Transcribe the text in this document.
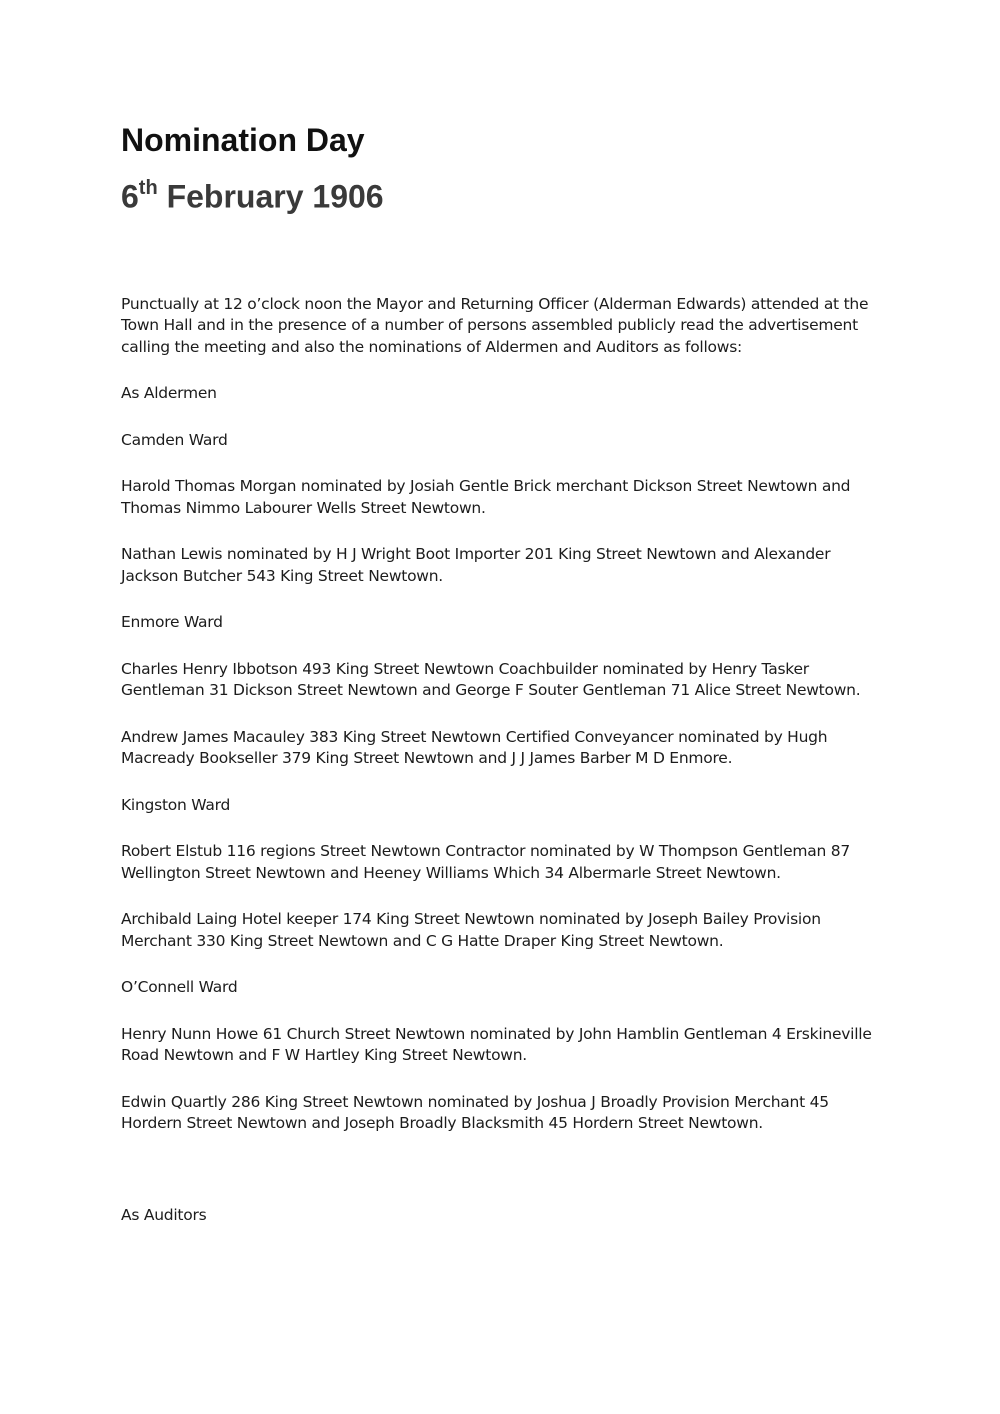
Nomination Day
6th February 1906

Punctually at 12 o’clock noon the Mayor and Returning Officer (Alderman Edwards) attended at the Town Hall and in the presence of a number of persons assembled publicly read the advertisement calling the meeting and also the nominations of Aldermen and Auditors as follows:

As Aldermen

Camden Ward

Harold Thomas Morgan nominated by Josiah Gentle Brick merchant Dickson Street Newtown and Thomas Nimmo Labourer Wells Street Newtown.

Nathan Lewis nominated by H J Wright Boot Importer 201 King Street Newtown and Alexander Jackson Butcher 543 King Street Newtown.

Enmore Ward

Charles Henry Ibbotson 493 King Street Newtown Coachbuilder nominated by Henry Tasker Gentleman 31 Dickson Street Newtown and George F Souter Gentleman 71 Alice Street Newtown.

Andrew James Macauley 383 King Street Newtown Certified Conveyancer nominated by Hugh Macready Bookseller 379 King Street Newtown and J J James Barber M D Enmore.

Kingston Ward

Robert Elstub 116 regions Street Newtown Contractor nominated by W Thompson Gentleman 87 Wellington Street Newtown and Heeney Williams Which 34 Albermarle Street Newtown.

Archibald Laing Hotel keeper 174 King Street Newtown nominated by Joseph Bailey Provision Merchant 330 King Street Newtown and C G Hatte Draper King Street Newtown.

O’Connell Ward

Henry Nunn Howe 61 Church Street Newtown nominated by John Hamblin Gentleman 4 Erskineville Road Newtown and F W Hartley King Street Newtown.

Edwin Quartly 286 King Street Newtown nominated by Joshua J Broadly Provision Merchant 45 Hordern Street Newtown and Joseph Broadly Blacksmith 45 Hordern Street Newtown.

As Auditors
